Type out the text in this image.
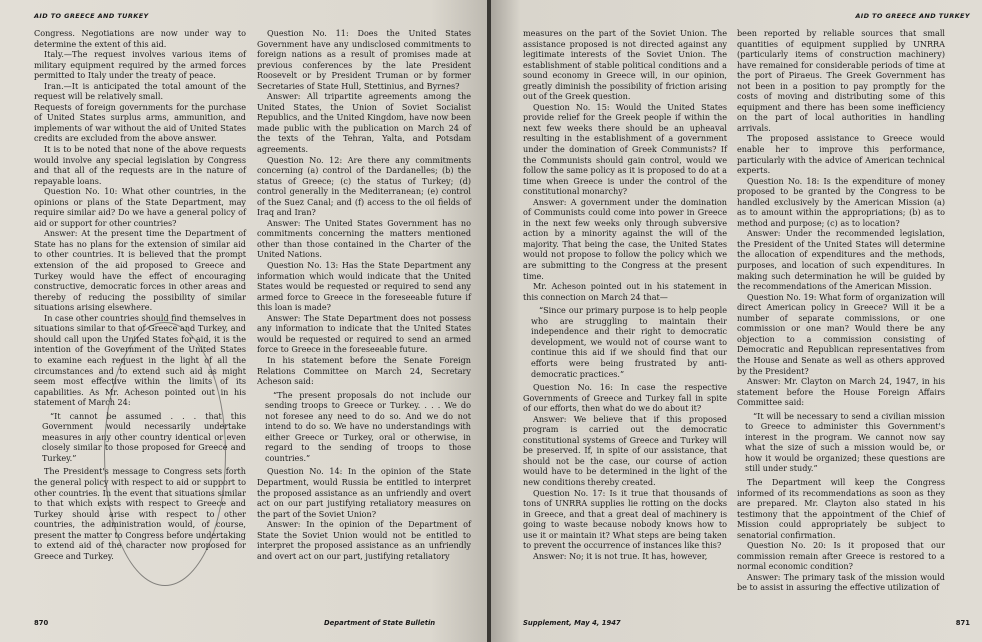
AID TO GREECE AND TURKEY

Congress. Negotiations are now under way to determine the extent of this aid.

Italy.—The request involves various items of military equipment required by the armed forces permitted to Italy under the treaty of peace.

Iran.—It is anticipated the total amount of the request will be relatively small.

Requests of foreign governments for the purchase of United States surplus arms, ammunition, and implements of war without the aid of United States credits are excluded from the above answer.

It is to be noted that none of the above requests would involve any special legislation by Congress and that all of the requests are in the nature of repayable loans.

Question No. 10: What other countries, in the opinions or plans of the State Department, may require similar aid? Do we have a general policy of aid or support for other countries?

Answer: At the present time the Department of State has no plans for the extension of similar aid to other countries. It is believed that the prompt extension of the aid proposed to Greece and Turkey would have the effect of encouraging constructive, democratic forces in other areas and thereby of reducing the possibility of similar situations arising elsewhere.

In case other countries should find themselves in situations similar to that of Greece and Turkey, and should call upon the United States for aid, it is the intention of the Government of the United States to examine each request in the light of all the circumstances and to extend such aid as might seem most effective within the limits of its capabilities. As Mr. Acheson pointed out in his statement of March 24:

“It cannot be assumed . . . that this Government would necessarily undertake measures in any other country identical or even closely similar to those proposed for Greece and Turkey.”

The President's message to Congress sets forth the general policy with respect to aid or support to other countries. In the event that situations similar to that which exists with respect to Greece and Turkey should arise with respect to other countries, the administration would, of course, present the matter to Congress before undertaking to extend aid of the character now proposed for Greece and Turkey.

Question No. 11: Does the United States Government have any undisclosed commitments to foreign nations as a result of promises made at previous conferences by the late President Roosevelt or by President Truman or by former Secretaries of State Hull, Stettinius, and Byrnes?

Answer: All tripartite agreements among the United States, the Union of Soviet Socialist Republics, and the United Kingdom, have now been made public with the publication on March 24 of the texts of the Tehran, Yalta, and Potsdam agreements.

Question No. 12: Are there any commitments concerning (a) control of the Dardanelles; (b) the status of Greece; (c) the status of Turkey; (d) control generally in the Mediterranean; (e) control of the Suez Canal; and (f) access to the oil fields of Iraq and Iran?

Answer: The United States Government has no commitments concerning the matters mentioned other than those contained in the Charter of the United Nations.

Question No. 13: Has the State Department any information which would indicate that the United States would be requested or required to send any armed force to Greece in the foreseeable future if this loan is made?

Answer: The State Department does not possess any information to indicate that the United States would be requested or required to send an armed force to Greece in the foreseeable future.

In his statement before the Senate Foreign Relations Committee on March 24, Secretary Acheson said:

“The present proposals do not include our sending troops to Greece or Turkey. . . . We do not foresee any need to do so. And we do not intend to do so. We have no understandings with either Greece or Turkey, oral or otherwise, in regard to the sending of troops to those countries.”

Question No. 14: In the opinion of the State Department, would Russia be entitled to interpret the proposed assistance as an unfriendly and overt act on our part justifying retaliatory measures on the part of the Soviet Union?

Answer: In the opinion of the Department of State the Soviet Union would not be entitled to interpret the proposed assistance as an unfriendly and overt act on our part, justifying retaliatory

870	Department of State Bulletin
AID TO GREECE AND TURKEY

measures on the part of the Soviet Union. The assistance proposed is not directed against any legitimate interests of the Soviet Union. The establishment of stable political conditions and a sound economy in Greece will, in our opinion, greatly diminish the possibility of friction arising out of the Greek question.

Question No. 15: Would the United States provide relief for the Greek people if within the next few weeks there should be an upheaval resulting in the establishment of a government under the domination of Greek Communists? If the Communists should gain control, would we follow the same policy as it is proposed to do at a time when Greece is under the control of the constitutional monarchy?

Answer: A government under the domination of Communists could come into power in Greece in the next few weeks only through subversive action by a minority against the will of the majority. That being the case, the United States would not propose to follow the policy which we are submitting to the Congress at the present time.

Mr. Acheson pointed out in his statement in this connection on March 24 that—

“Since our primary purpose is to help people who are struggling to maintain their independence and their right to democratic development, we would not of course want to continue this aid if we should find that our efforts were being frustrated by anti-democratic practices.”

Question No. 16: In case the respective Governments of Greece and Turkey fall in spite of our efforts, then what do we do about it?

Answer: We believe that if this proposed program is carried out the democratic constitutional systems of Greece and Turkey will be preserved. If, in spite of our assistance, that should not be the case, our course of action would have to be determined in the light of the new conditions thereby created.

Question No. 17: Is it true that thousands of tons of UNRRA supplies lie rotting on the docks in Greece, and that a great deal of machinery is going to waste because nobody knows how to use it or maintain it? What steps are being taken to prevent the occurrence of instances like this?

Answer: No; it is not true. It has, however,

been reported by reliable sources that small quantities of equipment supplied by UNRRA (particularly items of construction machinery) have remained for considerable periods of time at the port of Piraeus. The Greek Government has not been in a position to pay promptly for the costs of moving and distributing some of this equipment and there has been some inefficiency on the part of local authorities in handling arrivals.

The proposed assistance to Greece would enable her to improve this performance, particularly with the advice of American technical experts.

Question No. 18: Is the expenditure of money proposed to be granted by the Congress to be handled exclusively by the American Mission (a) as to amount within the appropriations; (b) as to method and purpose; (c) as to location?

Answer: Under the recommended legislation, the President of the United States will determine the allocation of expenditures and the methods, purposes, and location of such expenditures. In making such determination he will be guided by the recommendations of the American Mission.

Question No. 19: What form of organization will direct American policy in Greece? Will it be a number of separate commissions, or one commission or one man? Would there be any objection to a commission consisting of Democratic and Republican representatives from the House and Senate as well as others approved by the President?

Answer: Mr. Clayton on March 24, 1947, in his statement before the House Foreign Affairs Committee said:

“It will be necessary to send a civilian mission to Greece to administer this Government's interest in the program. We cannot now say what the size of such a mission would be, or how it would be organized; these questions are still under study.”

The Department will keep the Congress informed of its recommendations as soon as they are prepared. Mr. Clayton also stated in his testimony that the appointment of the Chief of Mission could appropriately be subject to senatorial confirmation.

Question No. 20: Is it proposed that our commission remain after Greece is restored to a normal economic condition?

Answer: The primary task of the mission would be to assist in assuring the effective utilization of

Supplement, May 4, 1947	871
